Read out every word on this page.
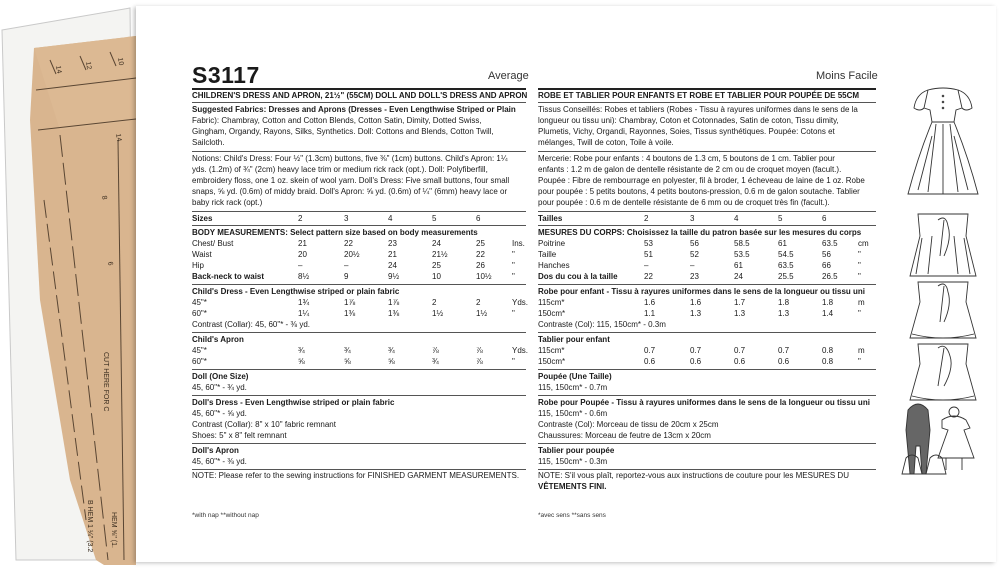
14	12	10
14
8
6
CUT HERE FOR C
B HEM 1 ¼" (3.2 HEM ⅝" (1.
S3117	Average	Moins Facile
CHILDREN'S DRESS AND APRON, 21½" (55CM) DOLL AND DOLL'S DRESS AND APRON
Suggested Fabrics: Dresses and Aprons (Dresses - Even Lengthwise Striped or Plain
Fabric): Chambray, Cotton and Cotton Blends, Cotton Satin, Dimity, Dotted Swiss,
Gingham, Organdy, Rayons, Silks, Synthetics. Doll: Cottons and Blends, Cotton Twill,
Sailcloth.
Notions: Child's Dress: Four ½" (1.3cm) buttons, five ⅜" (1cm) buttons. Child's Apron: 1¼
yds. (1.2m) of ¾" (2cm) heavy lace trim or medium rick rack (opt.). Doll: Polyfiberfill,
embroidery floss, one 1 oz. skein of wool yarn. Doll's Dress: Five small buttons, four small
snaps, ⅝ yd. (0.6m) of middy braid. Doll's Apron: ⅝ yd. (0.6m) of ¼" (6mm) heavy lace or
baby rick rack (opt.)
Sizes	2	3	4	5	6
BODY MEASUREMENTS: Select pattern size based on body measurements
Chest/ Bust	21	22	23	24	25	Ins.
Waist	20	20½	21	21½	22	"
Hip	–	–	24	25	26	"
Back-neck to waist	8½	9	9½	10	10½	"
Child's Dress - Even Lengthwise striped or plain fabric
45"*	1¾	1⅞	1⅞	2	2	Yds.
60"*	1¼	1⅜	1⅜	1½	1½	"
Contrast (Collar): 45, 60"* - ⅜ yd.
Child's Apron
45"*	¾	¾	¾	⅞	⅞	Yds.
60"*	⅝	⅝	⅝	¾	⅞	"
Doll (One Size)
45, 60"* - ¾ yd.
Doll's Dress - Even Lengthwise striped or plain fabric
45, 60"* - ⅝ yd.
Contrast (Collar): 8" x 10" fabric remnant
Shoes: 5" x 8" felt remnant
Doll's Apron
45, 60"* - ⅜ yd.
ROBE ET TABLIER POUR ENFANTS ET ROBE ET TABLIER POUR POUPÉE DE 55CM
Tissus Conseillés: Robes et tabliers (Robes - Tissu à rayures uniformes dans le sens de la
longueur ou tissu uni): Chambray, Coton et Cotonnades, Satin de coton, Tissu dimity,
Plumetis, Vichy, Organdi, Rayonnes, Soies, Tissus synthétiques. Poupée: Cotons et
mélanges, Twill de coton, Toile à voile.
Mercerie: Robe pour enfants : 4 boutons de 1.3 cm, 5 boutons de 1 cm. Tablier pour
enfants : 1.2 m de galon de dentelle résistante de 2 cm ou de croquet moyen (facult.).
Poupée : Fibre de rembourrage en polyester, fil à broder, 1 écheveau de laine de 1 oz. Robe
pour poupée : 5 petits boutons, 4 petits boutons-pression, 0.6 m de galon soutache. Tablier
pour poupée : 0.6 m de dentelle résistante de 6 mm ou de croquet très fin (facult.).
Tailles	2	3	4	5	6
MESURES DU CORPS: Choisissez la taille du patron basée sur les mesures du corps
Poitrine	53	56	58.5	61	63.5	cm
Taille	51	52	53.5	54.5	56	"
Hanches	–	–	61	63.5	66	"
Dos du cou à la taille	22	23	24	25.5	26.5	"
Robe pour enfant - Tissu à rayures uniformes dans le sens de la longueur ou tissu uni
115cm*	1.6	1.6	1.7	1.8	1.8	m
150cm*	1.1	1.3	1.3	1.3	1.4	"
Contraste (Col): 115, 150cm* - 0.3m
Tablier pour enfant
115cm*	0.7	0.7	0.7	0.7	0.8	m
150cm*	0.6	0.6	0.6	0.6	0.8	"
Poupée (Une Taille)
115, 150cm* - 0.7m
Robe pour Poupée - Tissu à rayures uniformes dans le sens de la longueur ou tissu uni
115, 150cm* - 0.6m
Contraste (Col): Morceau de tissu de 20cm x 25cm
Chaussures: Morceau de feutre de 13cm x 20cm
Tablier pour poupée
115, 150cm* - 0.3m
NOTE: Please refer to the sewing instructions for FINISHED GARMENT MEASUREMENTS. NOTE: S'il vous plaît, reportez-vous aux instructions de couture pour les MESURES DU
VÊTEMENTS FINI.
*with nap **without nap	*avec sens **sans sens
